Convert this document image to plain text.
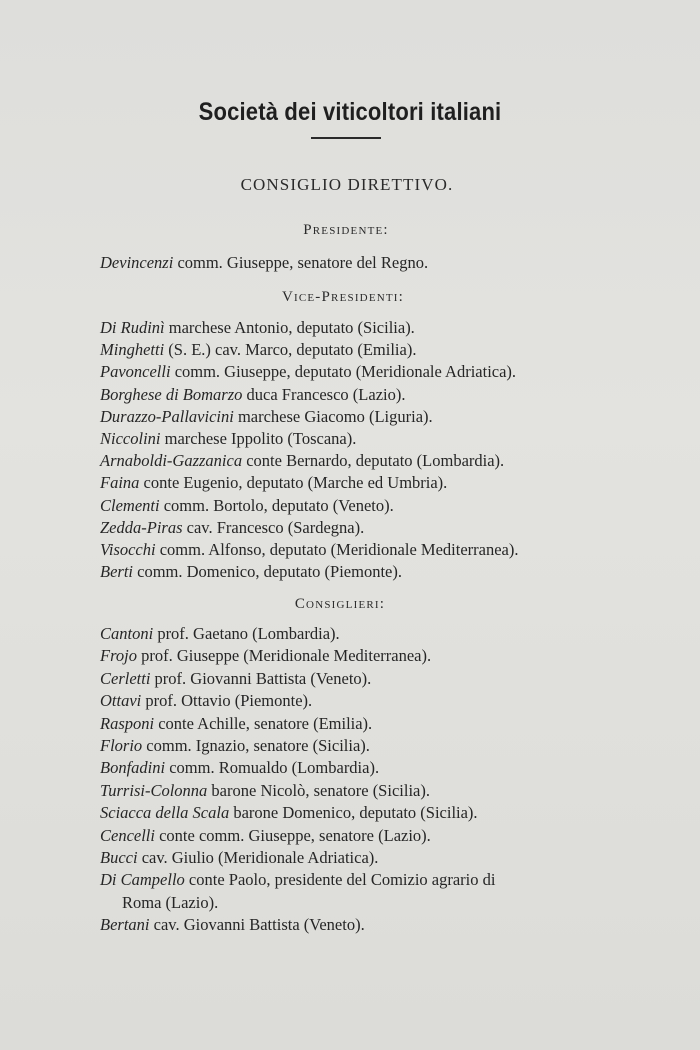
Società dei viticoltori italiani
CONSIGLIO DIRETTIVO.
Presidente:
Vice-Presidenti:
Consiglieri:
Devincenzi comm. Giuseppe, senatore del Regno.
Di Rudinì marchese Antonio, deputato (Sicilia).
Minghetti (S. E.) cav. Marco, deputato (Emilia).
Pavoncelli comm. Giuseppe, deputato (Meridionale Adriatica).
Borghese di Bomarzo duca Francesco (Lazio).
Durazzo-Pallavicini marchese Giacomo (Liguria).
Niccolini marchese Ippolito (Toscana).
Arnaboldi-Gazzanica conte Bernardo, deputato (Lombardia).
Faina conte Eugenio, deputato (Marche ed Umbria).
Clementi comm. Bortolo, deputato (Veneto).
Zedda-Piras cav. Francesco (Sardegna).
Visocchi comm. Alfonso, deputato (Meridionale Mediterranea).
Berti comm. Domenico, deputato (Piemonte).
Cantoni prof. Gaetano (Lombardia).
Frojo prof. Giuseppe (Meridionale Mediterranea).
Cerletti prof. Giovanni Battista (Veneto).
Ottavi prof. Ottavio (Piemonte).
Rasponi conte Achille, senatore (Emilia).
Florio comm. Ignazio, senatore (Sicilia).
Bonfadini comm. Romualdo (Lombardia).
Turrisi-Colonna barone Nicolò, senatore (Sicilia).
Sciacca della Scala barone Domenico, deputato (Sicilia).
Cencelli conte comm. Giuseppe, senatore (Lazio).
Bucci cav. Giulio (Meridionale Adriatica).
Di Campello conte Paolo, presidente del Comizio agrario di
Roma (Lazio).
Bertani cav. Giovanni Battista (Veneto).
